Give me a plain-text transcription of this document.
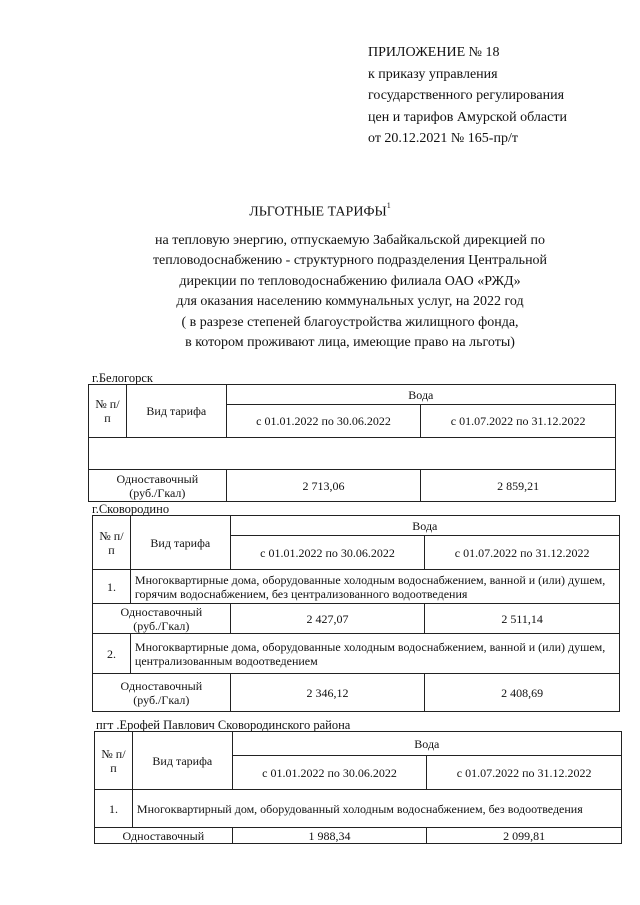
ПРИЛОЖЕНИЕ № 18
к приказу управления
государственного регулирования
цен и тарифов Амурской области
от 20.12.2021 № 165-пр/т
ЛЬГОТНЫЕ ТАРИФЫ$^1$
на тепловую энергию, отпускаемую Забайкальской дирекцией по
тепловодоснабжению - структурного подразделения Центральной
дирекции по тепловодоснабжению филиала ОАО «РЖД»
для оказания населению коммунальных услуг, на 2022 год
( в разрезе степеней благоустройства жилищного фонда,
в котором проживают лица, имеющие право на льготы)
г.Белогорск
№ п/п	Вид тарифа	Вода	
		с 01.01.2022 по 30.06.2022	с 01.07.2022 по 31.12.2022

Одноставочный
(руб./Гкал)		2 713,06	2 859,21
г.Сковородино
№ п/п	Вид тарифа	Вода	
		с 01.01.2022 по 30.06.2022	с 01.07.2022 по 31.12.2022
1.	Многоквартирные дома, оборудованные холодным водоснабжением, ванной и (или) душем, горячим водоснабжением, без централизованного водоотведения		

Одноставочный
(руб./Гкал)		2 427,07	2 511,14
2.	Многоквартирные дома, оборудованные холодным водоснабжением, ванной и (или) душем, централизованным водоотведением		

Одноставочный
(руб./Гкал)		2 346,12	2 408,69
пгт .Ерофей Павлович Сковородинского района
№ п/п	Вид тарифа	Вода	
		с 01.01.2022 по 30.06.2022	с 01.07.2022 по 31.12.2022
1.	Многоквартирный дом, оборудованный холодным водоснабжением, без водоотведения		

Одноставочный		1 988,34	2 099,81
